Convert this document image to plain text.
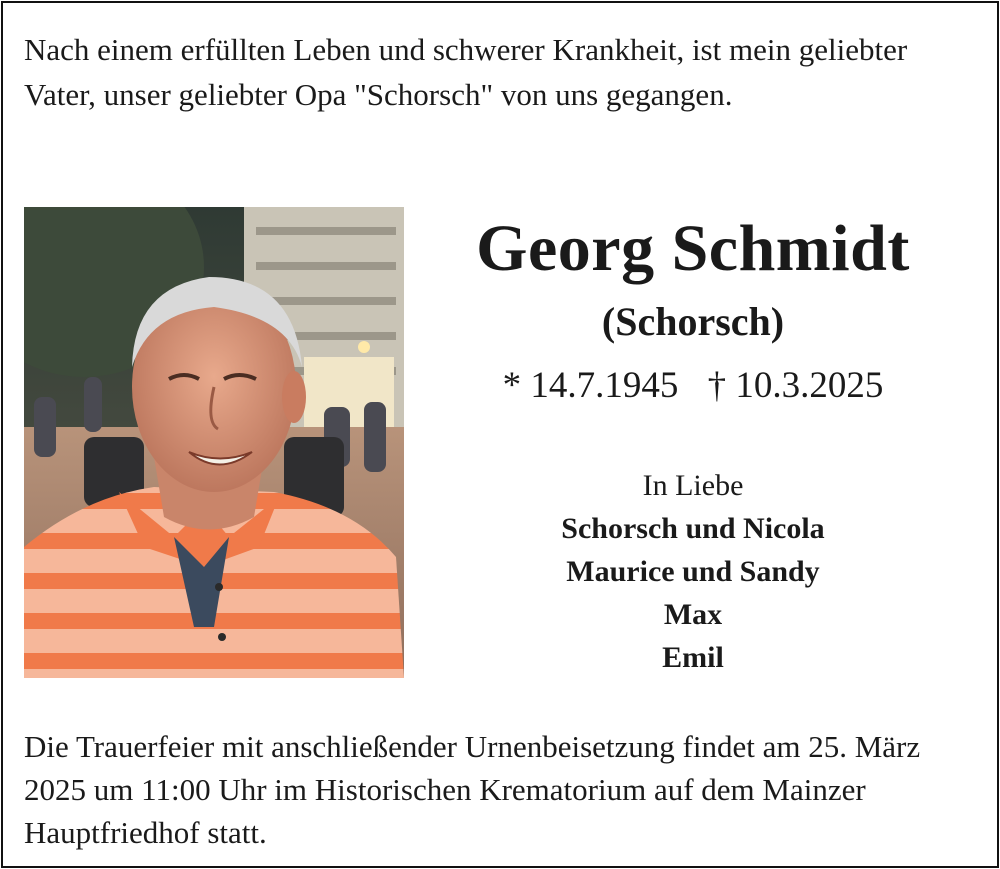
Nach einem erfüllten Leben und schwerer Krankheit, ist mein geliebter Vater, unser geliebter Opa "Schorsch" von uns gegangen.

Georg Schmidt
(Schorsch)
* 14.7.1945 † 10.3.2025
In Liebe
Schorsch und Nicola
Maurice und Sandy
Max
Emil

Die Trauerfeier mit anschließender Urnenbeisetzung findet am 25. März 2025 um 11:00 Uhr im Historischen Krematorium auf dem Mainzer Hauptfriedhof statt.
